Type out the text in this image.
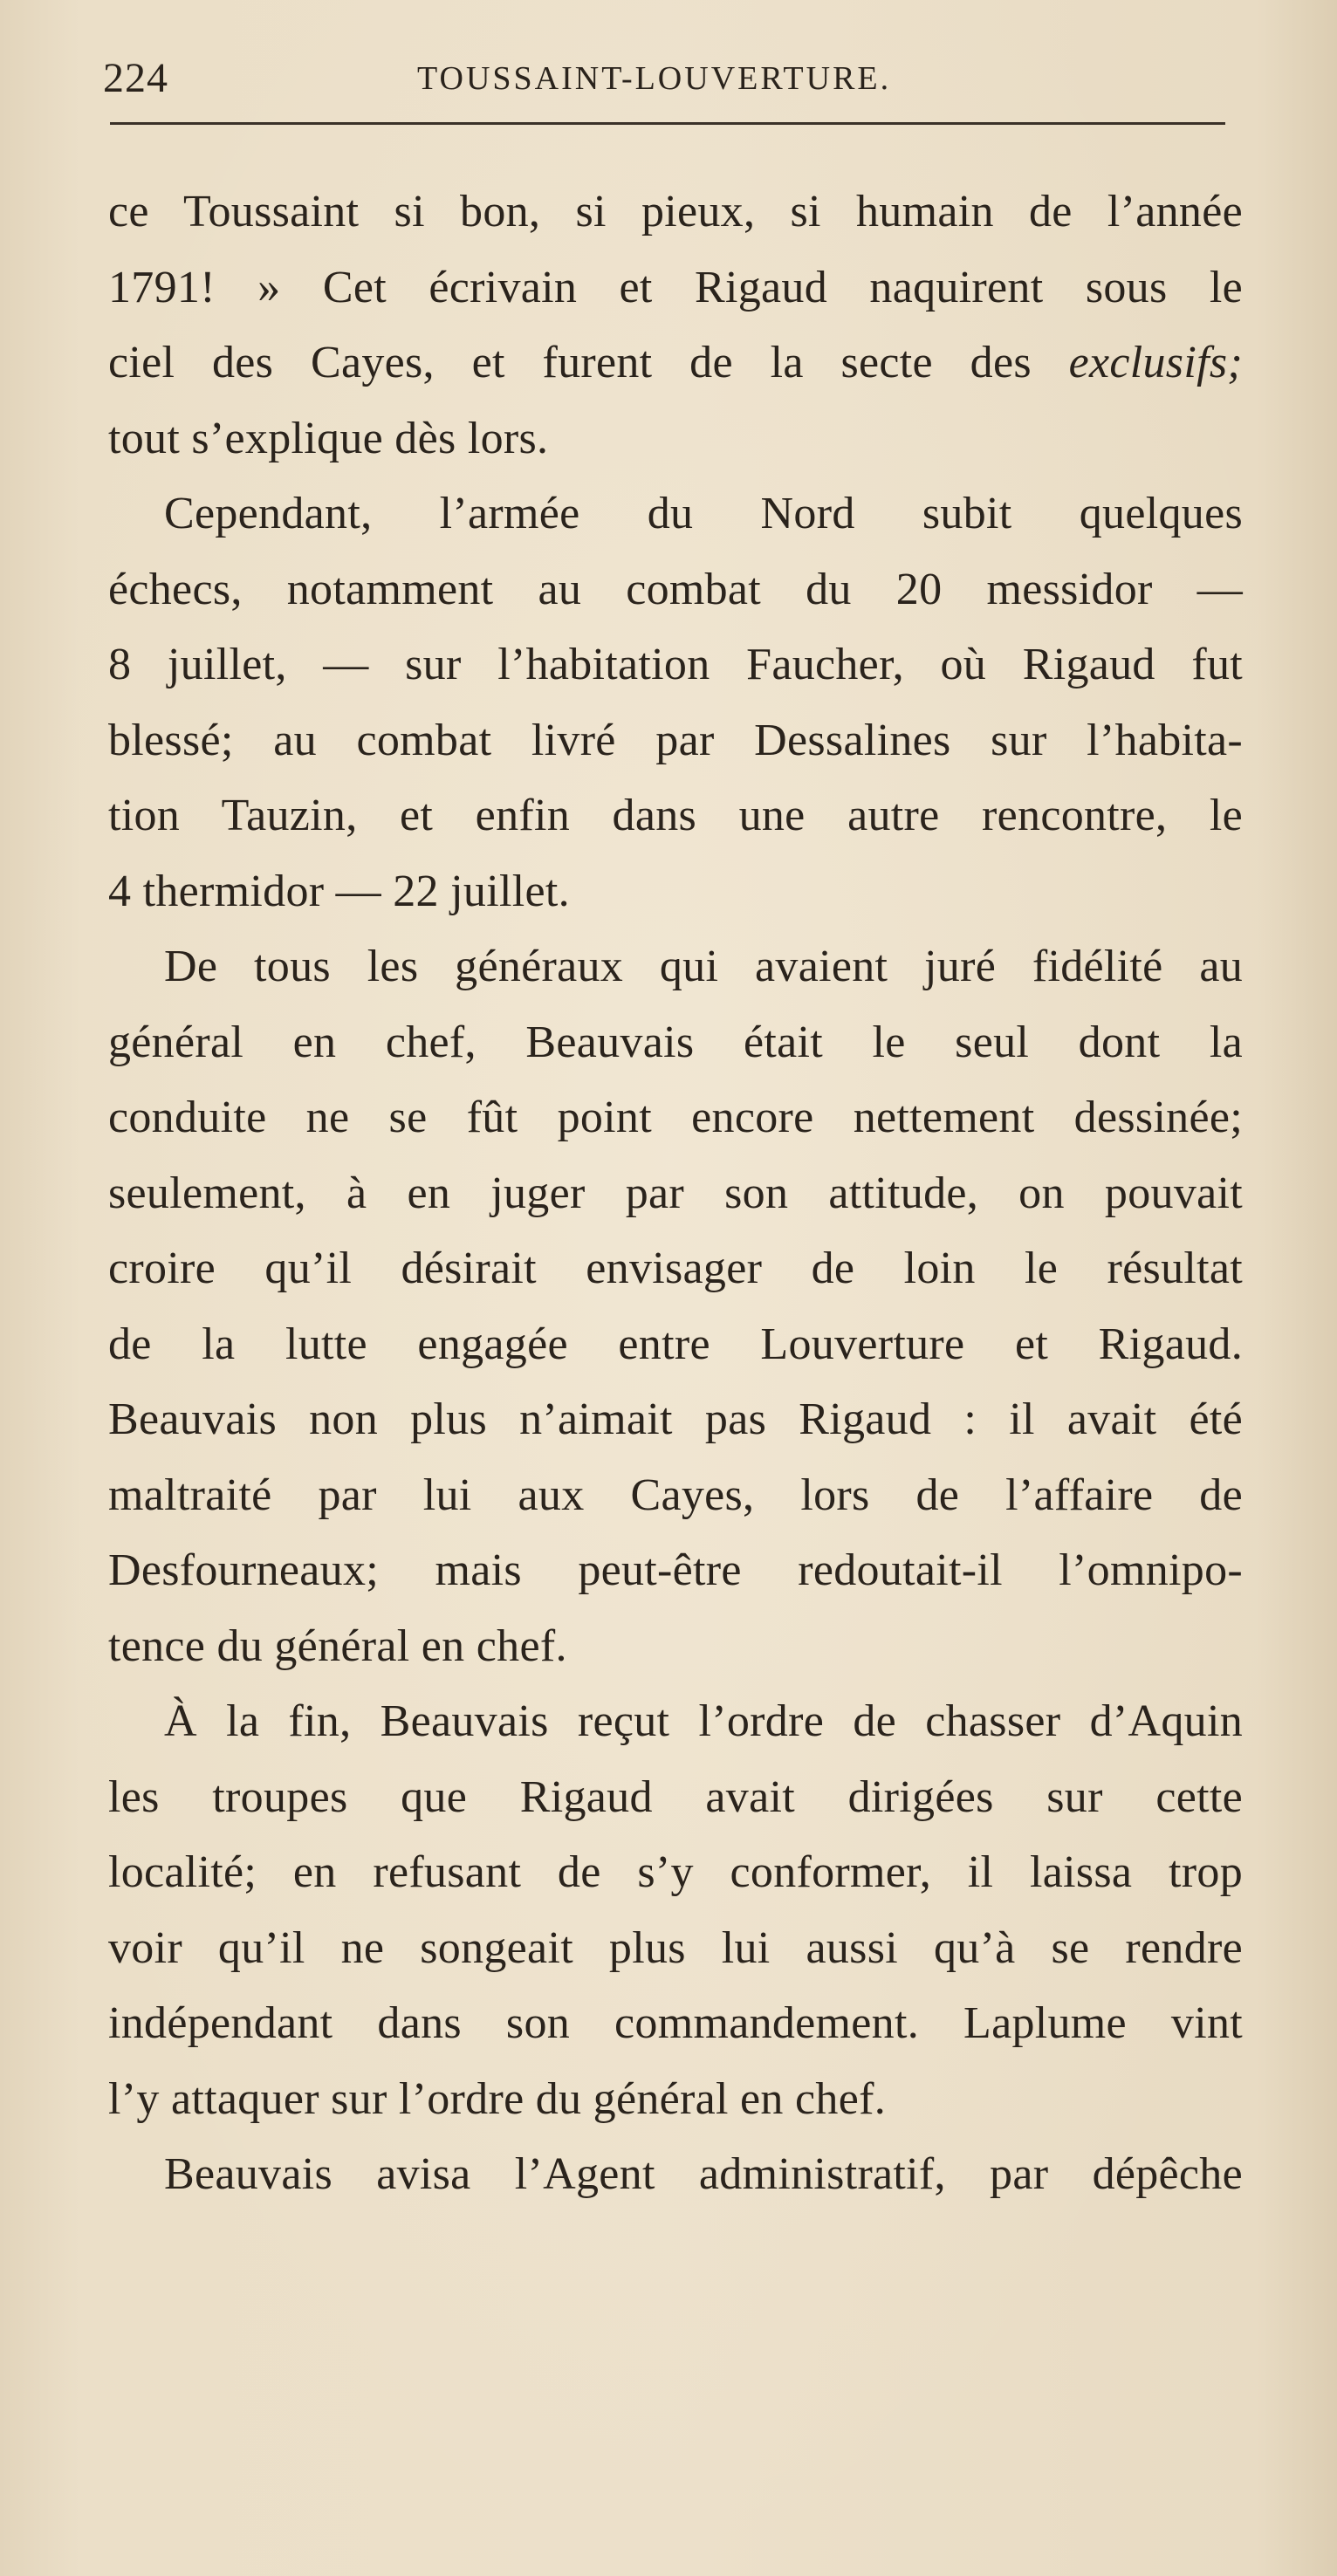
224	TOUSSAINT-LOUVERTURE.
ce Toussaint si bon, si pieux, si humain de l’année
1791! » Cet écrivain et Rigaud naquirent sous le
ciel des Cayes, et furent de la secte des exclusifs;
tout s’explique dès lors.
Cependant, l’armée du Nord subit quelques
échecs, notamment au combat du 20 messidor —
8 juillet, — sur l’habitation Faucher, où Rigaud fut
blessé; au combat livré par Dessalines sur l’habita-
tion Tauzin, et enfin dans une autre rencontre, le
4 thermidor — 22 juillet.
De tous les généraux qui avaient juré fidélité au
général en chef, Beauvais était le seul dont la
conduite ne se fût point encore nettement dessinée;
seulement, à en juger par son attitude, on pouvait
croire qu’il désirait envisager de loin le résultat
de la lutte engagée entre Louverture et Rigaud.
Beauvais non plus n’aimait pas Rigaud : il avait été
maltraité par lui aux Cayes, lors de l’affaire de
Desfourneaux; mais peut-être redoutait-il l’omnipo-
tence du général en chef.
À la fin, Beauvais reçut l’ordre de chasser d’Aquin
les troupes que Rigaud avait dirigées sur cette
localité; en refusant de s’y conformer, il laissa trop
voir qu’il ne songeait plus lui aussi qu’à se rendre
indépendant dans son commandement. Laplume vint
l’y attaquer sur l’ordre du général en chef.
Beauvais avisa l’Agent administratif, par dépêche
